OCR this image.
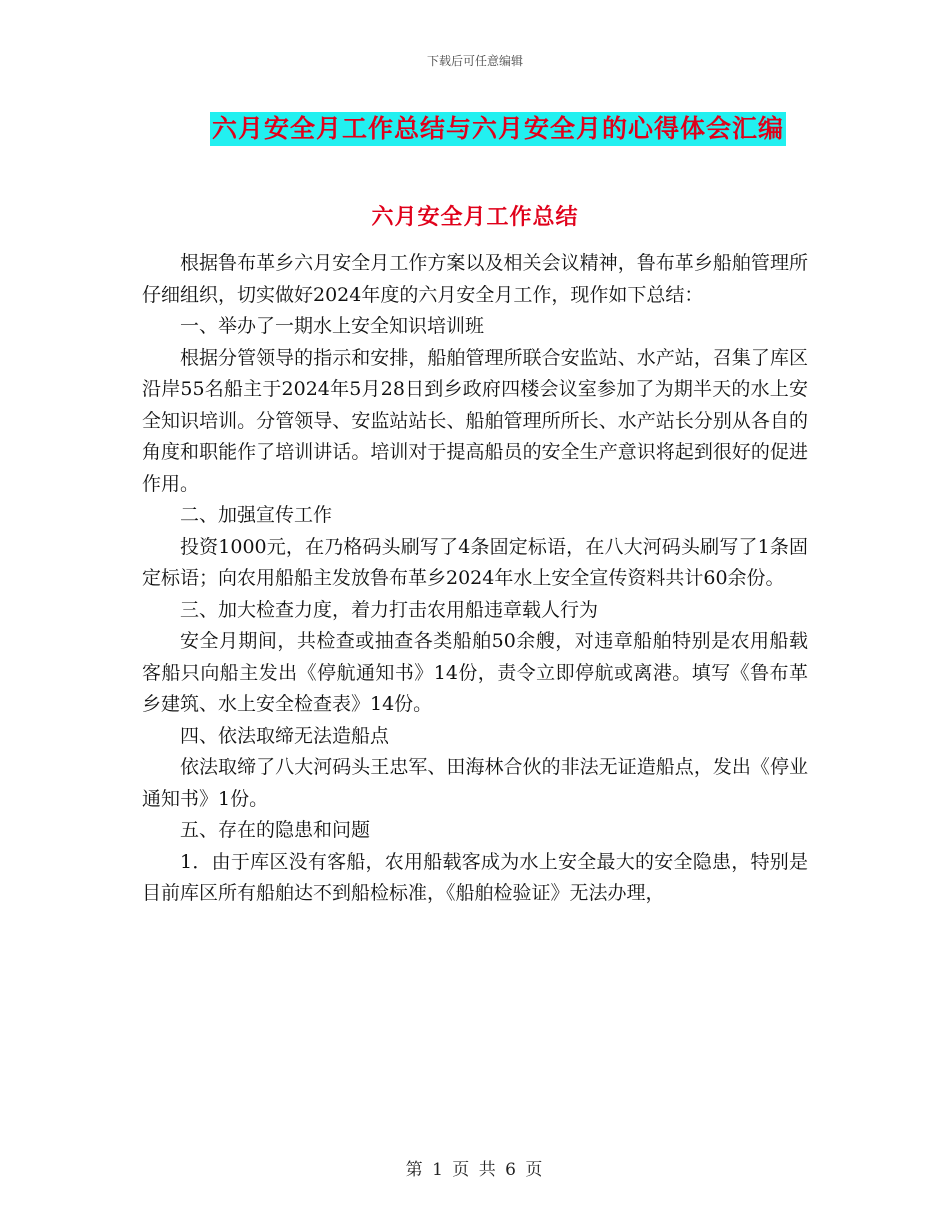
下载后可任意编辑
六月安全月工作总结与六月安全月的心得体会汇编
六月安全月工作总结

根据鲁布革乡六月安全月工作方案以及相关会议精神，鲁布革乡船舶管理所仔细组织，切实做好2024年度的六月安全月工作，现作如下总结：

一、举办了一期水上安全知识培训班

根据分管领导的指示和安排，船舶管理所联合安监站、水产站，召集了库区沿岸55名船主于2024年5月28日到乡政府四楼会议室参加了为期半天的水上安全知识培训。分管领导、安监站站长、船舶管理所所长、水产站长分别从各自的角度和职能作了培训讲话。培训对于提高船员的安全生产意识将起到很好的促进作用。

二、加强宣传工作

投资1000元，在乃格码头刷写了4条固定标语，在八大河码头刷写了1条固定标语；向农用船船主发放鲁布革乡2024年水上安全宣传资料共计60余份。

三、加大检查力度，着力打击农用船违章载人行为

安全月期间，共检查或抽查各类船舶50余艘，对违章船舶特别是农用船载客船只向船主发出《停航通知书》14份，责令立即停航或离港。填写《鲁布革乡建筑、水上安全检查表》14份。

四、依法取缔无法造船点

依法取缔了八大河码头王忠军、田海林合伙的非法无证造船点，发出《停业通知书》1份。

五、存在的隐患和问题

1．由于库区没有客船，农用船载客成为水上安全最大的安全隐患，特别是目前库区所有船舶达不到船检标准，《船舶检验证》无法办理，

第 1 页 共 6 页
